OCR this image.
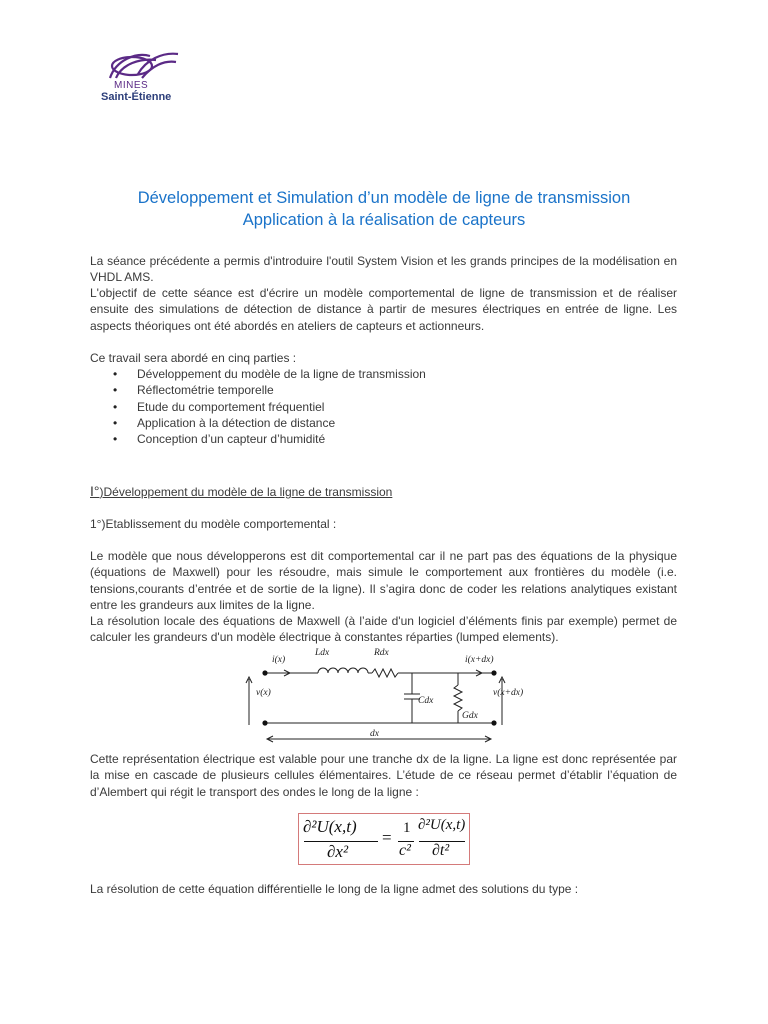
MINES
Saint-Étienne
Développement et Simulation d’un modèle de ligne de transmission
Application à la réalisation de capteurs
La séance précédente a permis d'introduire l'outil System Vision et les grands principes de la modélisation en VHDL AMS.
L'objectif de cette séance est d'écrire un modèle comportemental de ligne de transmission et de réaliser ensuite des simulations de détection de distance à partir de mesures électriques en entrée de ligne. Les aspects théoriques ont été abordés en ateliers de capteurs et actionneurs.
Ce travail sera abordé en cinq parties :
• Développement du modèle de la ligne de transmission
• Réflectométrie temporelle
• Etude du comportement fréquentiel
• Application à la détection de distance
• Conception d’un capteur d’humidité
I°)Développement du modèle de la ligne de transmission
1°)Etablissement du modèle comportemental :
Le modèle que nous développerons est dit comportemental car il ne part pas des équations de la physique (équations de Maxwell) pour les résoudre, mais simule le comportement aux frontières du modèle (i.e. tensions,courants d’entrée et de sortie de la ligne). Il s’agira donc de coder les relations analytiques existant entre les grandeurs aux limites de la ligne.
La résolution locale des équations de Maxwell (à l’aide d'un logiciel d’éléments finis par exemple) permet de calculer les grandeurs d'un modèle électrique à constantes réparties (lumped elements).
i(x)	i(x+dx)
Ldx	Rdx
v(x)	v(x+dx)
Cdx
Gdx
dx
Cette représentation électrique est valable pour une tranche dx de la ligne. La ligne est donc représentée par la mise en cascade de plusieurs cellules élémentaires. L’étude de ce réseau permet d’établir l’équation de d’Alembert qui régit le transport des ondes le long de la ligne :
∂²U(x,t)
∂x²
= 1
c²
∂²U(x,t)
∂t²
La résolution de cette équation différentielle le long de la ligne admet des solutions du type :
